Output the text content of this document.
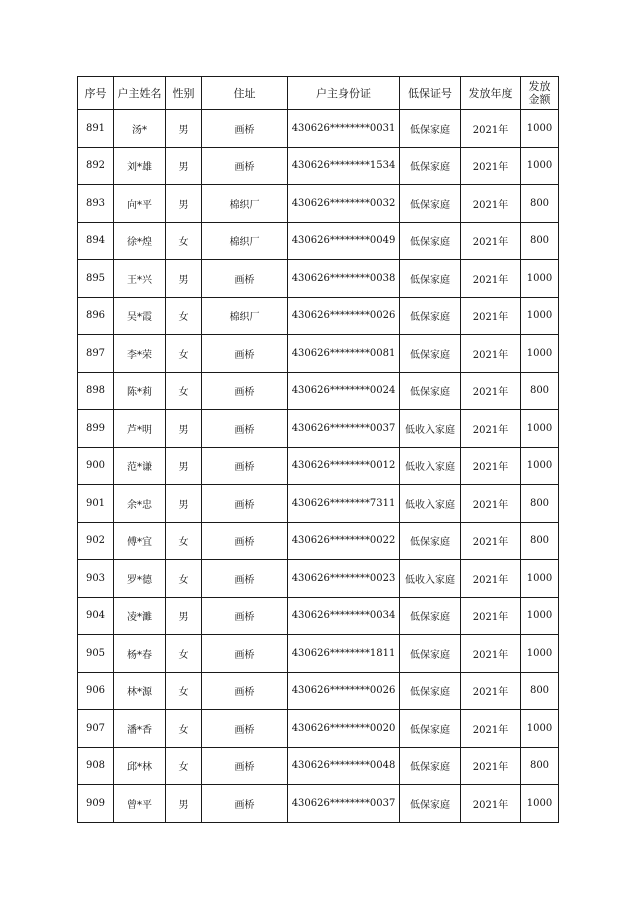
序号	户主姓名	性别	住址	户主身份证	低保证号	发放年度	发放金额
891	汤*	男	画桥	430626********0031	低保家庭	2021年	1000
892	刘*雄	男	画桥	430626********1534	低保家庭	2021年	1000
893	向*平	男	棉织厂	430626********0032	低保家庭	2021年	800
894	徐*煌	女	棉织厂	430626********0049	低保家庭	2021年	800
895	王*兴	男	画桥	430626********0038	低保家庭	2021年	1000
896	吴*霞	女	棉织厂	430626********0026	低保家庭	2021年	1000
897	李*荣	女	画桥	430626********0081	低保家庭	2021年	1000
898	陈*莉	女	画桥	430626********0024	低保家庭	2021年	800
899	芦*明	男	画桥	430626********0037	低收入家庭	2021年	1000
900	范*谦	男	画桥	430626********0012	低收入家庭	2021年	1000
901	余*忠	男	画桥	430626********7311	低收入家庭	2021年	800
902	傅*宜	女	画桥	430626********0022	低保家庭	2021年	800
903	罗*德	女	画桥	430626********0023	低收入家庭	2021年	1000
904	凌*濉	男	画桥	430626********0034	低保家庭	2021年	1000
905	杨*春	女	画桥	430626********1811	低保家庭	2021年	1000
906	林*源	女	画桥	430626********0026	低保家庭	2021年	800
907	潘*香	女	画桥	430626********0020	低保家庭	2021年	1000
908	邱*林	女	画桥	430626********0048	低保家庭	2021年	800
909	曾*平	男	画桥	430626********0037	低保家庭	2021年	1000
